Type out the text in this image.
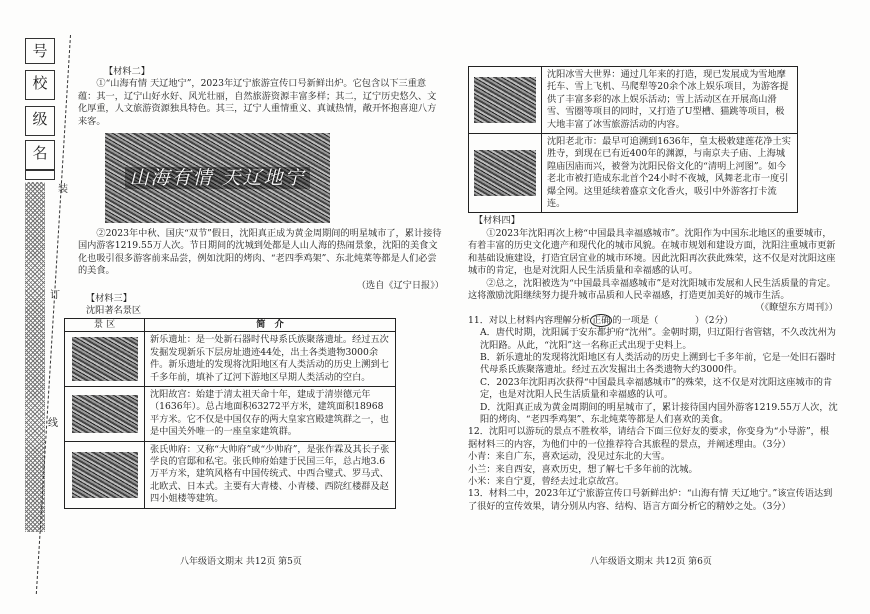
号
校
级
名
装
订
线
【材料二】

①“山海有情 天辽地宁”，2023年辽宁旅游宣传口号新鲜出炉。它包含以下三重意蕴：其一，辽宁山好水好、风光壮丽，自然旅游资源丰富多样；其二，辽宁历史悠久、文化厚重，人文旅游资源独具特色。其三，辽宁人重情重义、真诚热情，敞开怀抱喜迎八方来客。

山海有情 天辽地宁

②2023年中秋、国庆“双节”假日，沈阳真正成为黄金周期间的明星城市了，累计接待国内游客1219.55万人次。节日期间的沈城到处都是人山人海的热闹景象，沈阳的美食文化也吸引很多游客前来品尝，例如沈阳的烤肉、“老四季鸡架”、东北炖菜等都是人们必尝的美食。

（选自《辽宁日报》）
【材料三】
沈阳著名景区
景 区	简　介
新乐遗址：是一处新石器时代母系氏族聚落遗址。经过五次发掘发现新乐下层房址遗迹44处，出土各类遗物3000余件。新乐遗址的发现将沈阳地区有人类活动的历史上溯到七千多年前，填补了辽河下游地区早期人类活动的空白。
沈阳故宫：始建于清太祖天命十年，建成于清崇德元年（1636年）。总占地面积63272平方米，建筑面积18968平方米。它不仅是中国仅存的两大皇家宫殿建筑群之一，也是中国关外唯一的一座皇家建筑群。
张氏帅府：又称“大帅府”或“少帅府”，是张作霖及其长子张学良的官邸和私宅。张氏帅府始建于民国三年，总占地3.6万平方米，建筑风格有中国传统式、中西合璧式、罗马式、北欧式、日本式。主要有大青楼、小青楼、西院红楼群及赵四小姐楼等建筑。
八年级语文期末 共12页 第5页
沈阳冰雪大世界：通过几年来的打造，现已发展成为雪地摩托车、雪上飞机、马爬犁等20余个冰上娱乐项目，为游客提供了丰富多彩的冰上娱乐活动；雪上活动区在开展高山滑雪、雪圈等项目的同时，又打造了U型槽、猫跳等项目，极大地丰富了冰雪旅游活动的内容。
沈阳老北市：最早可追溯到1636年，皇太极敕建莲花净土实胜寺，到现在已有近400年的渊源，与南京夫子庙、上海城隍庙因庙而兴，被誉为沈阳民俗文化的“清明上河图”。如今老北市被打造成东北首个24小时不夜城，风舞老北市一度引爆全网。这里延续着盛京文化香火，吸引中外游客打卡流连。
【材料四】

①2023年沈阳再次上榜“中国最具幸福感城市”。沈阳作为中国东北地区的重要城市，有着丰富的历史文化遗产和现代化的城市风貌。在城市规划和建设方面，沈阳注重城市更新和基础设施建设，打造宜居宜业的城市环境。因此沈阳再次获此殊荣，这不仅是对沈阳这座城市的肯定，也是对沈阳人民生活质量和幸福感的认可。

②总之，沈阳被选为“中国最具幸福感城市”是对沈阳城市发展和人民生活质量的肯定。这将激励沈阳继续努力提升城市品质和人民幸福感，打造更加美好的城市生活。

（《瞭望东方周刊》）
11．对以上材料内容理解分析 正确 的一项是（　　　　）（2分）
A．唐代时期，沈阳属于安东都护府“沈州”。金朝时期，归辽阳行省管辖，不久改沈州为沈阳路。从此，“沈阳”这一名称正式出现于史料上。
B．新乐遗址的发现将沈阳地区有人类活动的历史上溯到七千多年前，它是一处旧石器时代母系氏族聚落遗址。经过五次发掘出土各类遗物大约3000件。
C．2023年沈阳再次获得“中国最具幸福感城市”的殊荣，这不仅是对沈阳这座城市的肯定，也是对沈阳人民生活质量和幸福感的认可。
D．沈阳真正成为黄金周期间的明星城市了，累计接待国内国外游客1219.55万人次，沈阳的烤肉、“老四季鸡架”、东北炖菜等都是人们喜欢的美食。
12．沈阳可以游玩的景点不胜枚举，请结合下面三位好友的要求，你变身为“小导游”，根据材料三的内容，为他们中的一位推荐符合其旅程的景点，并阐述理由。（3分）
小青：来自广东，喜欢运动，没见过东北的大雪。
小兰：来自西安，喜欢历史，想了解七千多年前的沈城。
小米：来自宁夏，曾经去过北京故宫。
13．材料二中，2023年辽宁旅游宣传口号新鲜出炉：“山海有情 天辽地宁。”该宣传语达到了很好的宣传效果，请分别从内容、结构、语言方面分析它的精妙之处。（3分）
八年级语文期末 共12页 第6页
